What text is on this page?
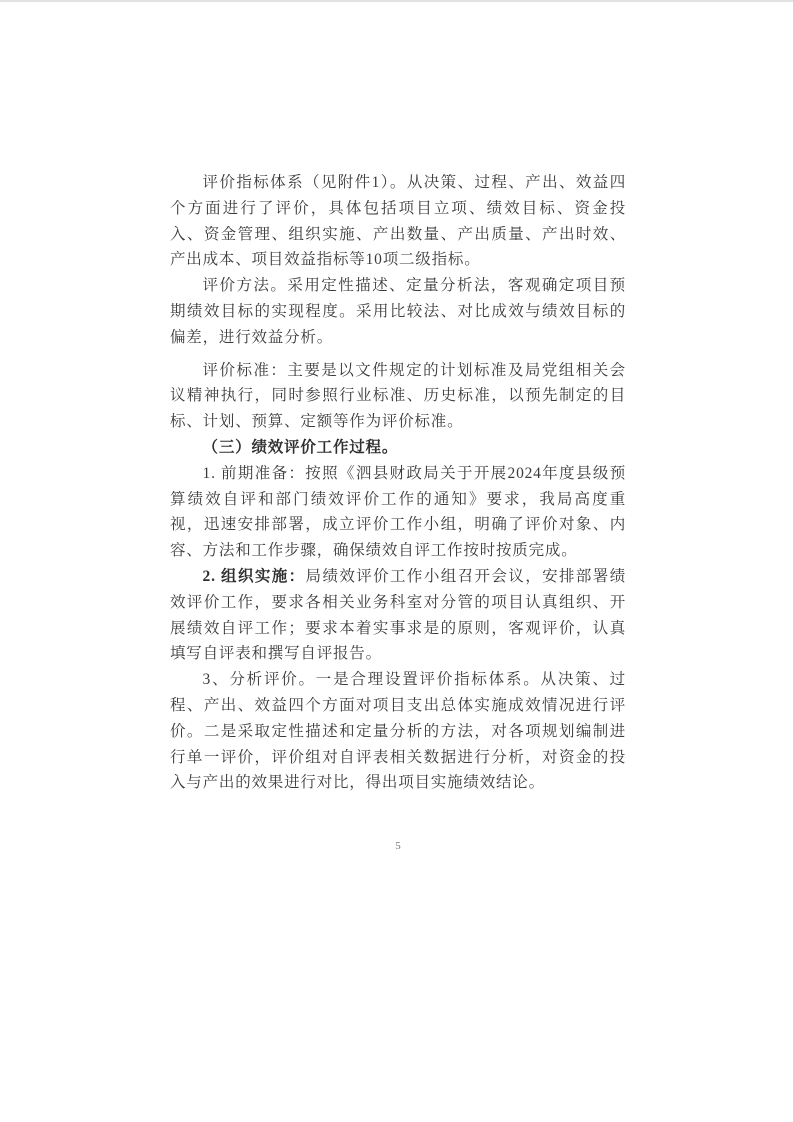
评价指标体系（见附件1）。从决策、过程、产出、效益四个方面进行了评价，具体包括项目立项、绩效目标、资金投入、资金管理、组织实施、产出数量、产出质量、产出时效、产出成本、项目效益指标等10项二级指标。

评价方法。采用定性描述、定量分析法，客观确定项目预期绩效目标的实现程度。采用比较法、对比成效与绩效目标的偏差，进行效益分析。

评价标准：主要是以文件规定的计划标准及局党组相关会议精神执行，同时参照行业标准、历史标准，以预先制定的目标、计划、预算、定额等作为评价标准。

（三）绩效评价工作过程。

1. 前期准备：按照《泗县财政局关于开展2024年度县级预算绩效自评和部门绩效评价工作的通知》要求，我局高度重视，迅速安排部署，成立评价工作小组，明确了评价对象、内容、方法和工作步骤，确保绩效自评工作按时按质完成。

2. 组织实施：局绩效评价工作小组召开会议，安排部署绩效评价工作，要求各相关业务科室对分管的项目认真组织、开展绩效自评工作；要求本着实事求是的原则，客观评价，认真填写自评表和撰写自评报告。

3、分析评价。一是合理设置评价指标体系。从决策、过程、产出、效益四个方面对项目支出总体实施成效情况进行评价。二是采取定性描述和定量分析的方法，对各项规划编制进行单一评价，评价组对自评表相关数据进行分析，对资金的投入与产出的效果进行对比，得出项目实施绩效结论。

5
